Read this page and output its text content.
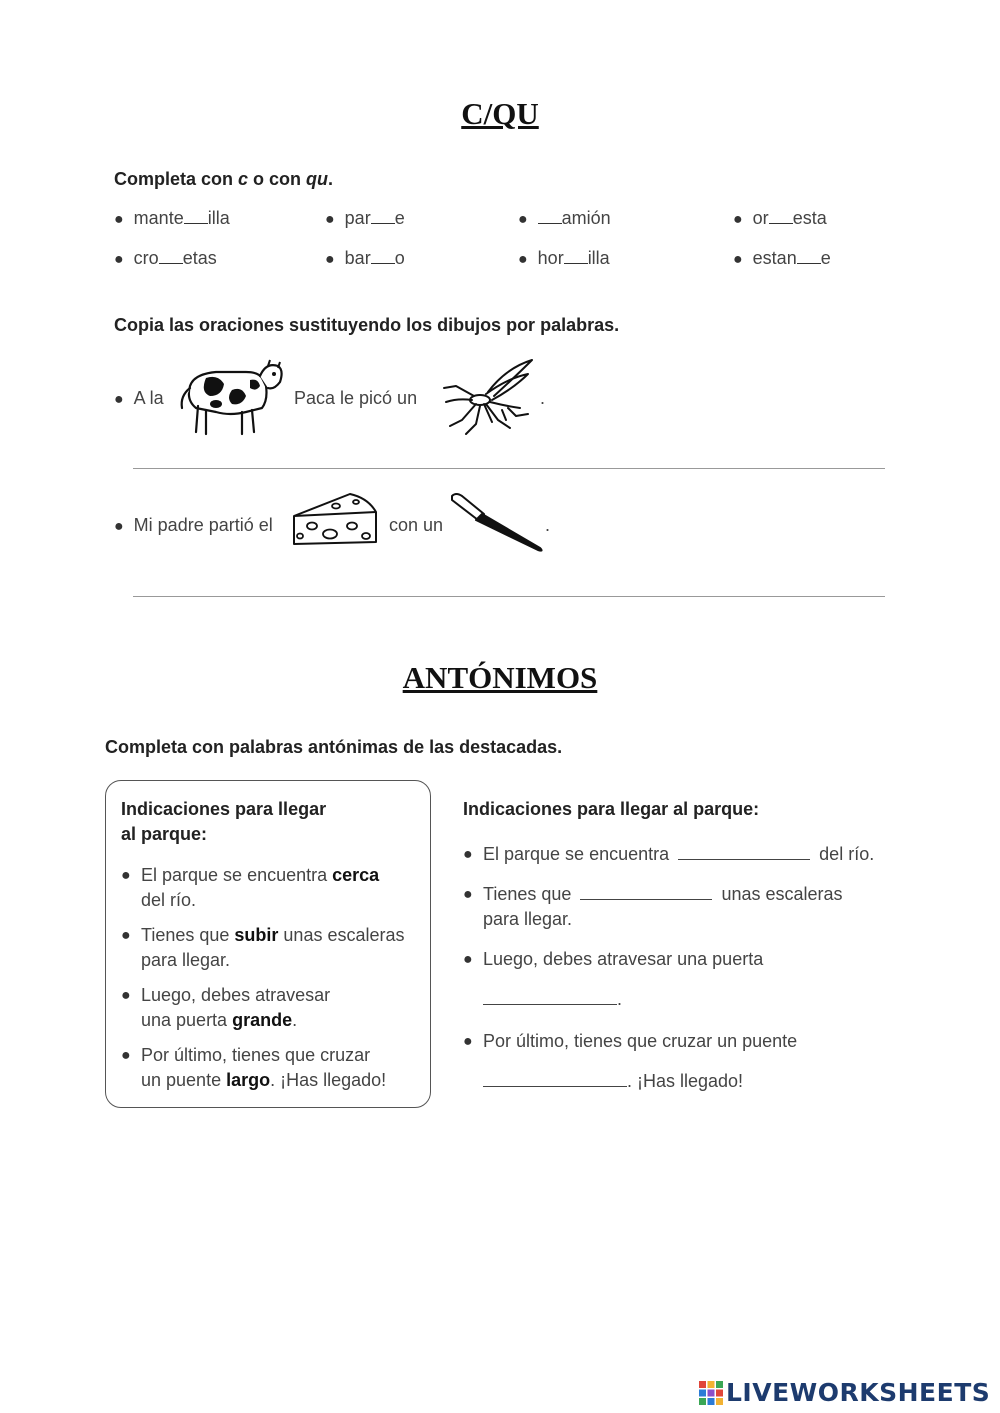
C/QU
Completa con c o con qu.
● mante illa	● par e	● amión	● or esta
● cro etas	● bar o	● hor illa	● estan e
Copia las oraciones sustituyendo los dibujos por palabras.
● A la	Paca le picó un	.
● Mi padre partió el	con un	.
ANTÓNIMOS
Completa con palabras antónimas de las destacadas.
Indicaciones para llegar
al parque:
● El parque se encuentra cerca
del río.
● Tienes que subir unas escaleras
para llegar.
● Luego, debes atravesar
una puerta grande.
● Por último, tienes que cruzar
un puente largo. ¡Has llegado!
Indicaciones para llegar al parque:
● El parque se encuentra	del río.
● Tienes que	unas escaleras
para llegar.
● Luego, debes atravesar una puerta
.
● Por último, tienes que cruzar un puente
. ¡Has llegado!
LIVEWORKSHEETS
